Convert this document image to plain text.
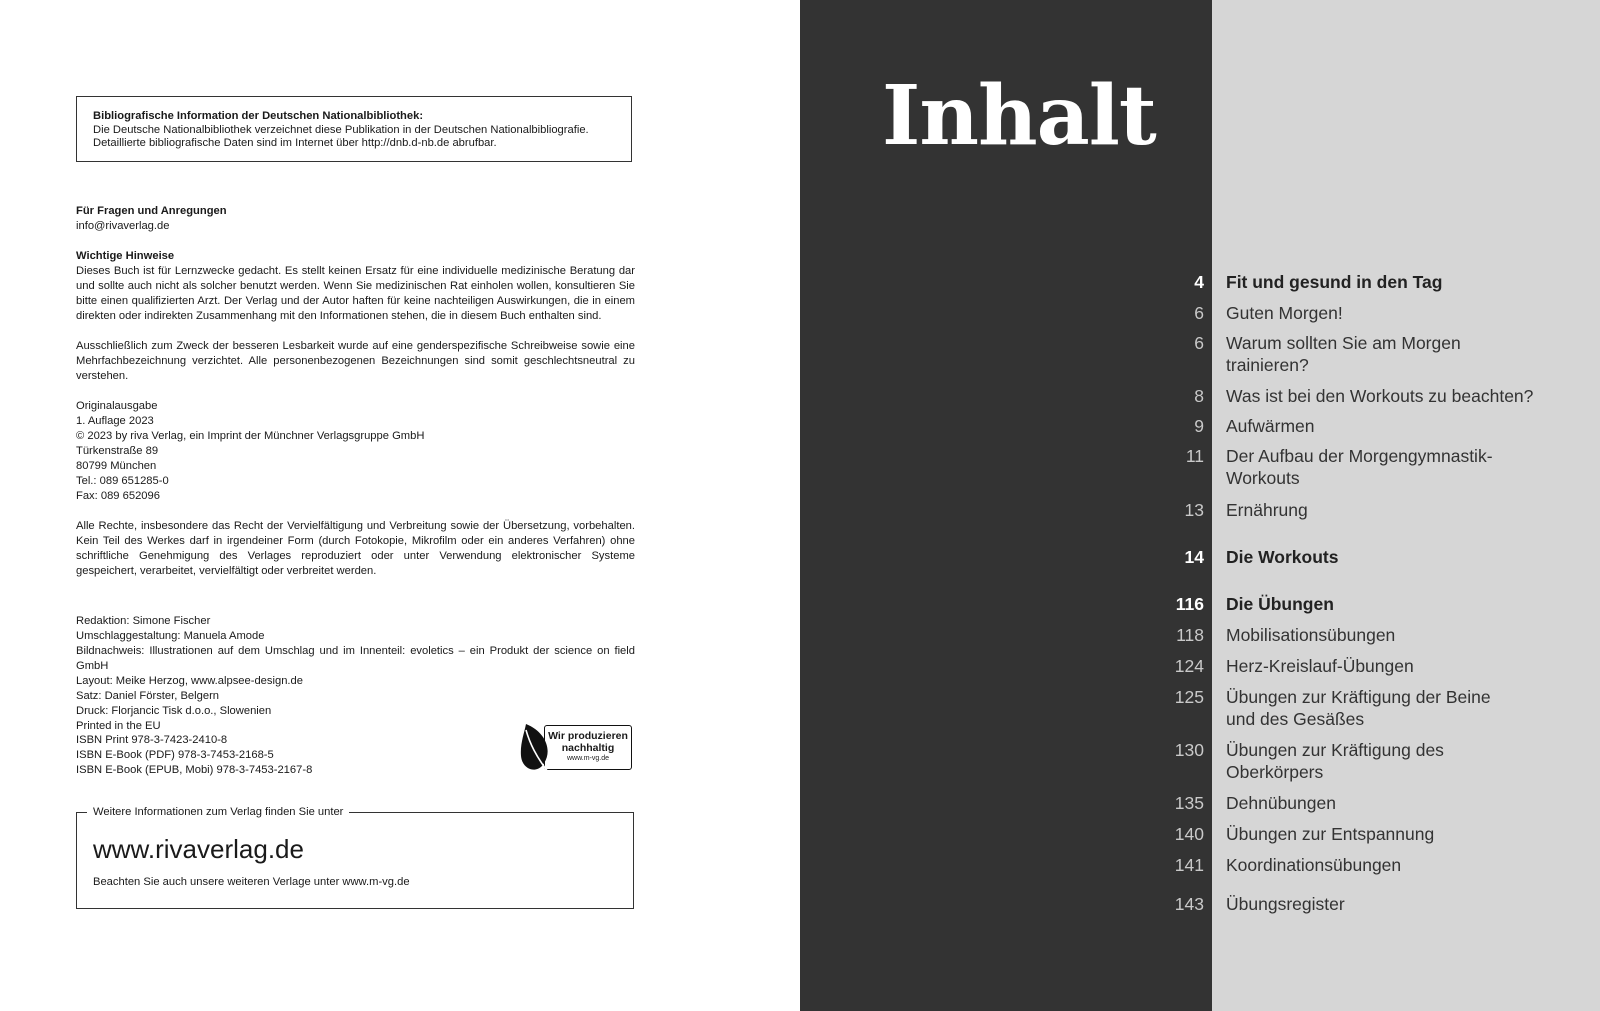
Bibliografische Information der Deutschen Nationalbibliothek:
Die Deutsche Nationalbibliothek verzeichnet diese Publikation in der Deutschen Nationalbibliografie.
Detaillierte bibliografische Daten sind im Internet über http://dnb.d-nb.de abrufbar.

Für Fragen und Anregungen

info@rivaverlag.de

Wichtige Hinweise

Dieses Buch ist für Lernzwecke gedacht. Es stellt keinen Ersatz für eine individuelle medizinische Beratung dar und sollte auch nicht als solcher benutzt werden. Wenn Sie medizinischen Rat einholen wollen, konsultieren Sie bitte einen qualifizierten Arzt. Der Verlag und der Autor haften für keine nachteiligen Auswirkungen, die in einem direkten oder indirekten Zusammenhang mit den Informationen stehen, die in diesem Buch enthalten sind.

Ausschließlich zum Zweck der besseren Lesbarkeit wurde auf eine genderspezifische Schreibweise sowie eine Mehrfachbezeichnung verzichtet. Alle personenbezogenen Bezeichnungen sind somit geschlechtsneutral zu verstehen.

Originalausgabe

1. Auflage 2023

© 2023 by riva Verlag, ein Imprint der Münchner Verlagsgruppe GmbH

Türkenstraße 89

80799 München

Tel.: 089 651285-0

Fax: 089 652096

Alle Rechte, insbesondere das Recht der Vervielfältigung und Verbreitung sowie der Übersetzung, vorbehalten. Kein Teil des Werkes darf in irgendeiner Form (durch Fotokopie, Mikrofilm oder ein anderes Verfahren) ohne schriftliche Genehmigung des Verlages reproduziert oder unter Verwendung elektronischer Systeme gespeichert, verarbeitet, vervielfältigt oder verbreitet werden.

Redaktion: Simone Fischer

Umschlaggestaltung: Manuela Amode

Bildnachweis: Illustrationen auf dem Umschlag und im Innenteil: evoletics – ein Produkt der science on field GmbH

Layout: Meike Herzog, www.alpsee-design.de

Satz: Daniel Förster, Belgern

Druck: Florjancic Tisk d.o.o., Slowenien

Printed in the EU

ISBN Print 978-3-7423-2410-8

ISBN E-Book (PDF) 978-3-7453-2168-5

ISBN E-Book (EPUB, Mobi) 978-3-7453-2167-8

Wir produzieren
nachhaltig
www.m-vg.de
Weitere Informationen zum Verlag finden Sie unter
www.rivaverlag.de
Beachten Sie auch unsere weiteren Verlage unter www.m-vg.de
Inhalt
4 Fit und gesund in den Tag
6 Guten Morgen!
6 Warum sollten Sie am Morgen
trainieren?
8 Was ist bei den Workouts zu beachten?
9 Aufwärmen
11 Der Aufbau der Morgengymnastik-
Workouts
13 Ernährung
14 Die Workouts
116 Die Übungen
118 Mobilisationsübungen
124 Herz-Kreislauf-Übungen
125 Übungen zur Kräftigung der Beine
und des Gesäßes
130 Übungen zur Kräftigung des
Oberkörpers
135 Dehnübungen
140 Übungen zur Entspannung
141 Koordinationsübungen
143 Übungsregister
